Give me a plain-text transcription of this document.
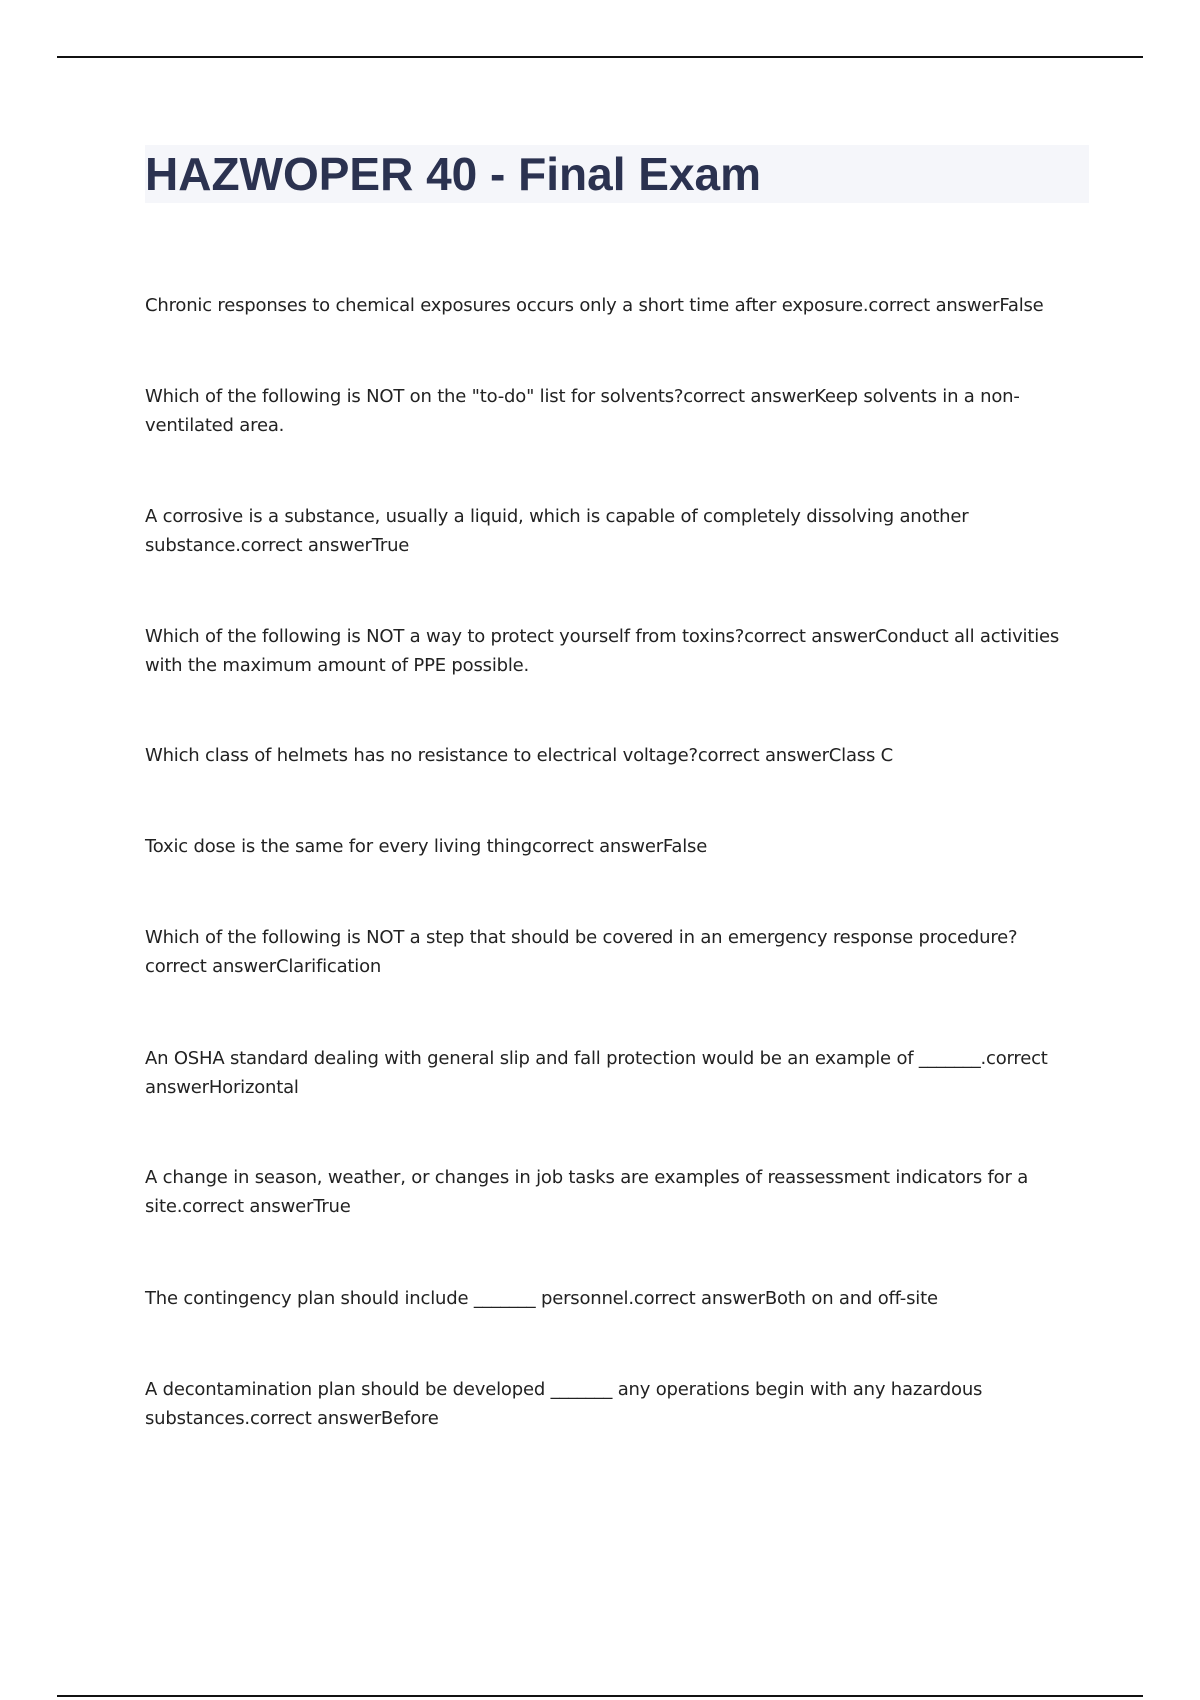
HAZWOPER 40 - Final Exam
Chronic responses to chemical exposures occurs only a short time after exposure.correct answerFalse
Which of the following is NOT on the "to-do" list for solvents?correct answerKeep solvents in a non-
ventilated area.
A corrosive is a substance, usually a liquid, which is capable of completely dissolving another
substance.correct answerTrue
Which of the following is NOT a way to protect yourself from toxins?correct answerConduct all activities
with the maximum amount of PPE possible.
Which class of helmets has no resistance to electrical voltage?correct answerClass C
Toxic dose is the same for every living thingcorrect answerFalse
Which of the following is NOT a step that should be covered in an emergency response procedure?
correct answerClarification
An OSHA standard dealing with general slip and fall protection would be an example of _______.correct
answerHorizontal
A change in season, weather, or changes in job tasks are examples of reassessment indicators for a
site.correct answerTrue
The contingency plan should include _______ personnel.correct answerBoth on and off-site
A decontamination plan should be developed _______ any operations begin with any hazardous
substances.correct answerBefore
